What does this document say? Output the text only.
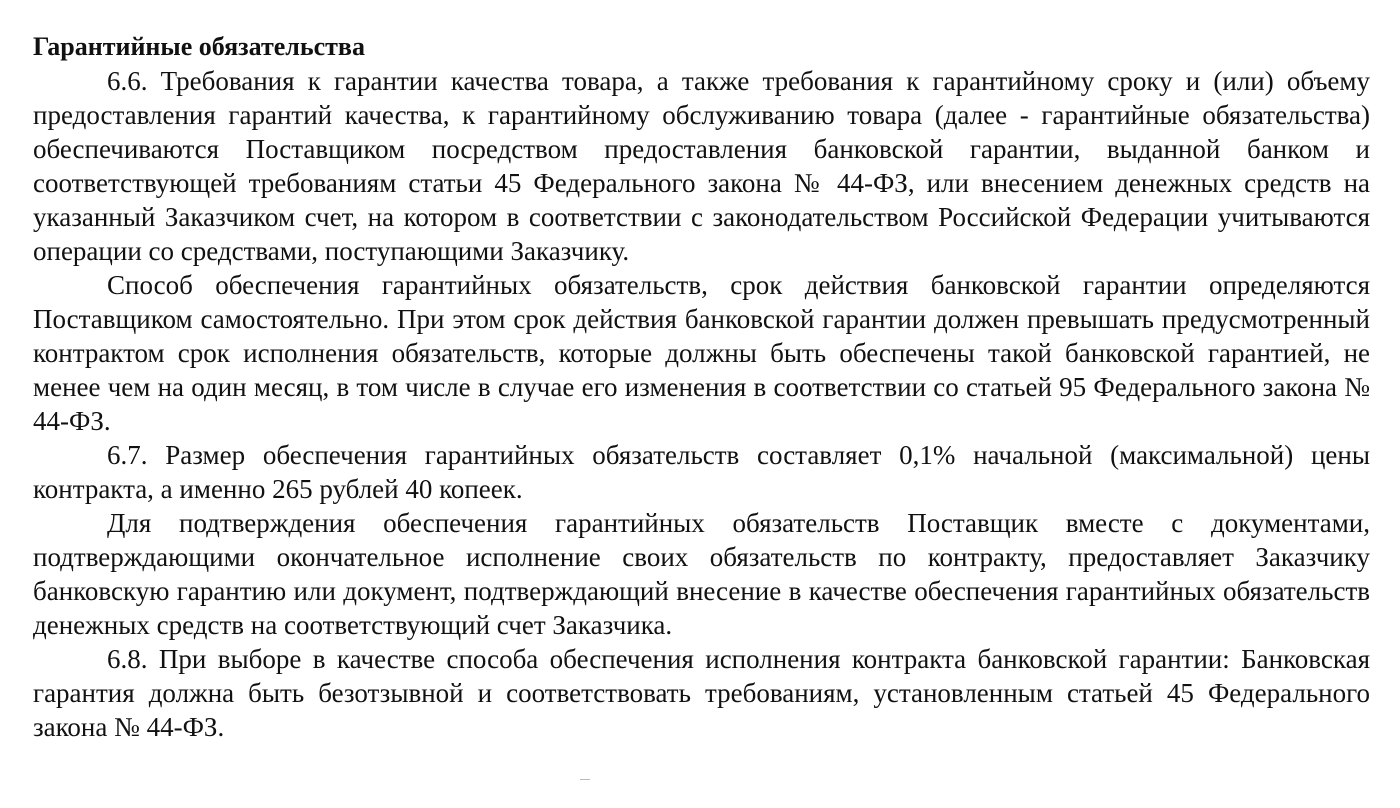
Гарантийные обязательства

6.6. Требования к гарантии качества товара, а также требования к гарантийному сроку и (или) объему предоставления гарантий качества, к гарантийному обслуживанию товара (далее - гарантийные обязательства) обеспечиваются Поставщиком посредством предоставления банковской гарантии, выданной банком и соответствующей требованиям статьи 45 Федерального закона № 44-ФЗ, или внесением денежных средств на указанный Заказчиком счет, на котором в соответствии с законодательством Российской Федерации учитываются операции со средствами, поступающими Заказчику.

Способ обеспечения гарантийных обязательств, срок действия банковской гарантии определяются Поставщиком самостоятельно. При этом срок действия банковской гарантии должен превышать предусмотренный контрактом срок исполнения обязательств, которые должны быть обеспечены такой банковской гарантией, не менее чем на один месяц, в том числе в случае его изменения в соответствии со статьей 95 Федерального закона № 44-ФЗ.

6.7. Размер обеспечения гарантийных обязательств составляет 0,1% начальной (максимальной) цены контракта, а именно 265 рублей 40 копеек.

Для подтверждения обеспечения гарантийных обязательств Поставщик вместе с документами, подтверждающими окончательное исполнение своих обязательств по контракту, предоставляет Заказчику банковскую гарантию или документ, подтверждающий внесение в качестве обеспечения гарантийных обязательств денежных средств на соответствующий счет Заказчика.

6.8. При выборе в качестве способа обеспечения исполнения контракта банковской гарантии: Банковская гарантия должна быть безотзывной и соответствовать требованиям, установленным статьей 45 Федерального закона № 44-ФЗ.
